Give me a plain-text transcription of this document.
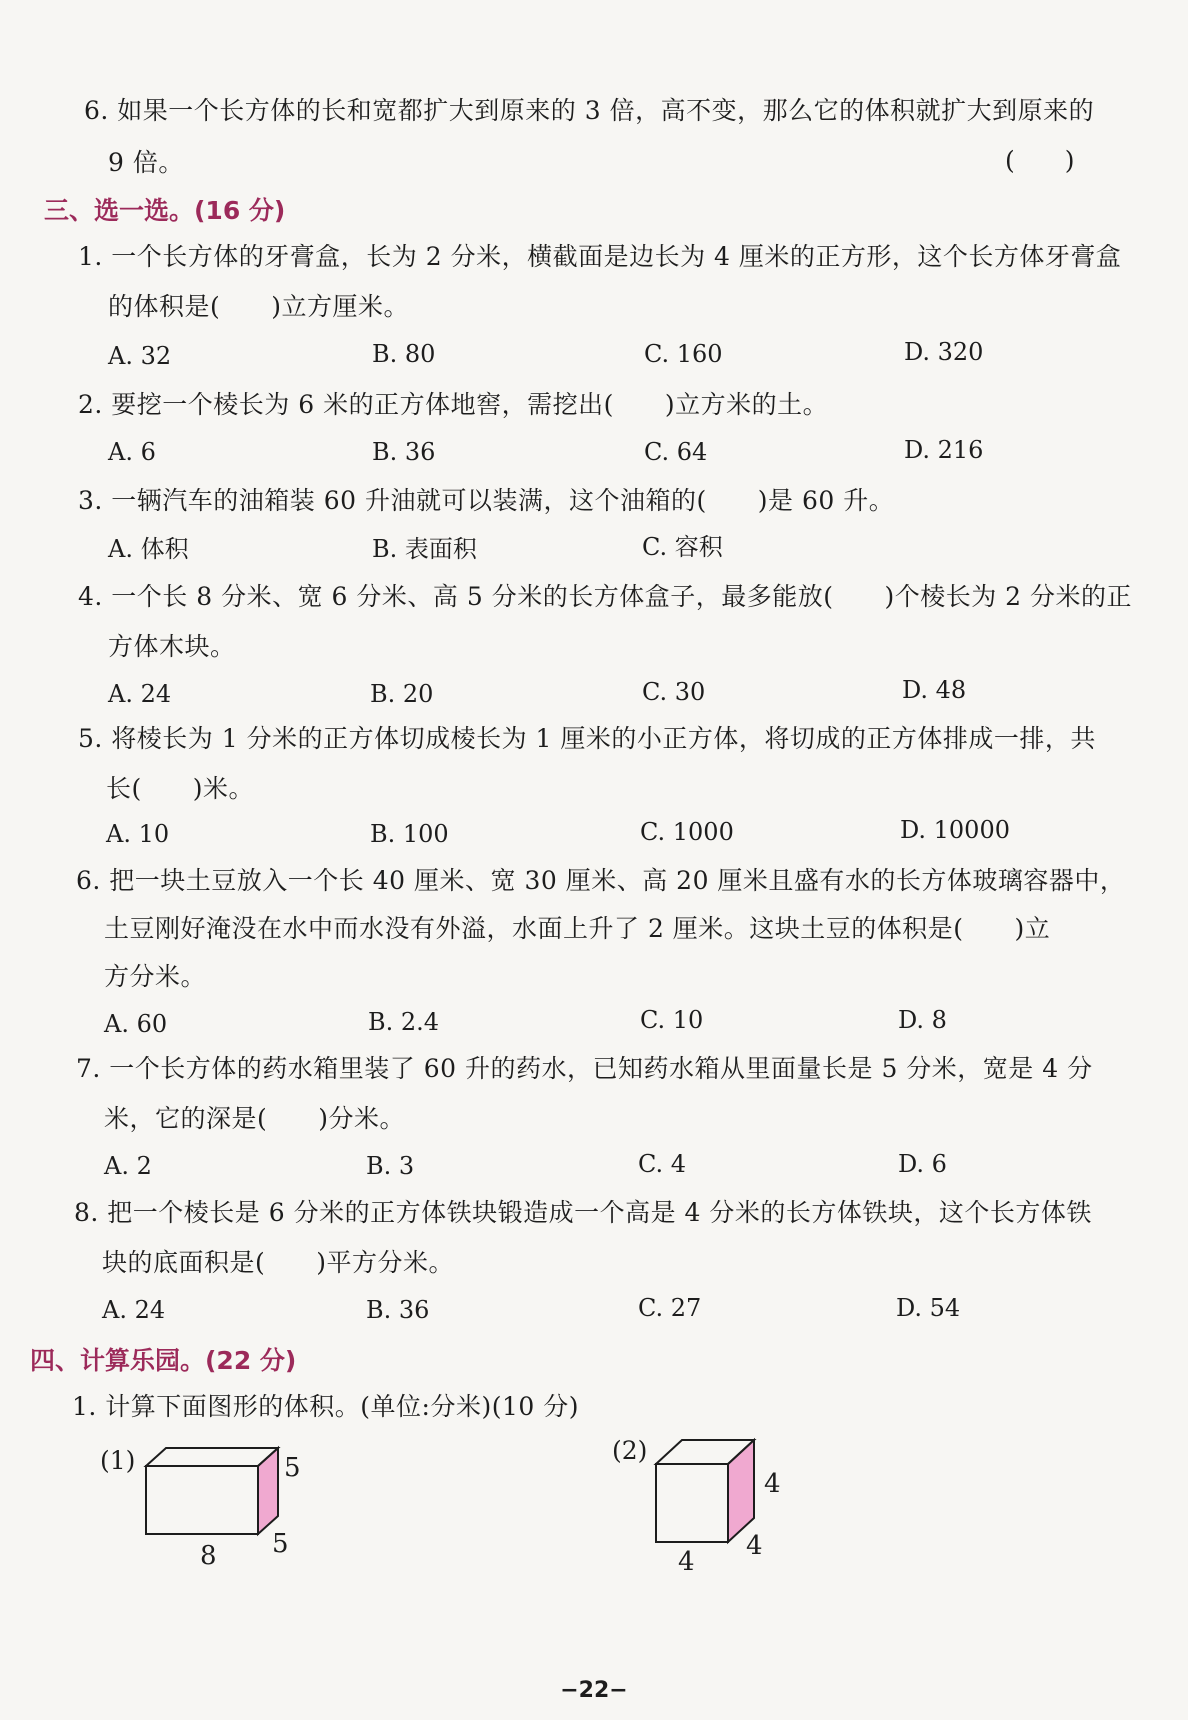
6. 如果一个长方体的长和宽都扩大到原来的 3 倍，高不变，那么它的体积就扩大到原来的
9 倍。	(　　)
三、选一选。(16 分)
1. 一个长方体的牙膏盒，长为 2 分米，横截面是边长为 4 厘米的正方形，这个长方体牙膏盒
的体积是(　　)立方厘米。
A. 32	B. 80	C. 160	D. 320
2. 要挖一个棱长为 6 米的正方体地窖，需挖出(　　)立方米的土。
A. 6	B. 36	C. 64	D. 216
3. 一辆汽车的油箱装 60 升油就可以装满，这个油箱的(　　)是 60 升。
A. 体积	B. 表面积	C. 容积
4. 一个长 8 分米、宽 6 分米、高 5 分米的长方体盒子，最多能放(　　)个棱长为 2 分米的正
方体木块。
A. 24	B. 20	C. 30	D. 48
5. 将棱长为 1 分米的正方体切成棱长为 1 厘米的小正方体，将切成的正方体排成一排，共
长(　　)米。
A. 10	B. 100	C. 1000	D. 10000
6. 把一块土豆放入一个长 40 厘米、宽 30 厘米、高 20 厘米且盛有水的长方体玻璃容器中，
土豆刚好淹没在水中而水没有外溢，水面上升了 2 厘米。这块土豆的体积是(　　)立
方分米。
A. 60	B. 2.4	C. 10	D. 8
7. 一个长方体的药水箱里装了 60 升的药水，已知药水箱从里面量长是 5 分米，宽是 4 分
米，它的深是(　　)分米。
A. 2	B. 3	C. 4	D. 6
8. 把一个棱长是 6 分米的正方体铁块锻造成一个高是 4 分米的长方体铁块，这个长方体铁
块的底面积是(　　)平方分米。
A. 24	B. 36	C. 27	D. 54
四、计算乐园。(22 分)
1. 计算下面图形的体积。(单位:分米)(10 分)
(1)	5
8 5
(2)
4
4
4
−22−
